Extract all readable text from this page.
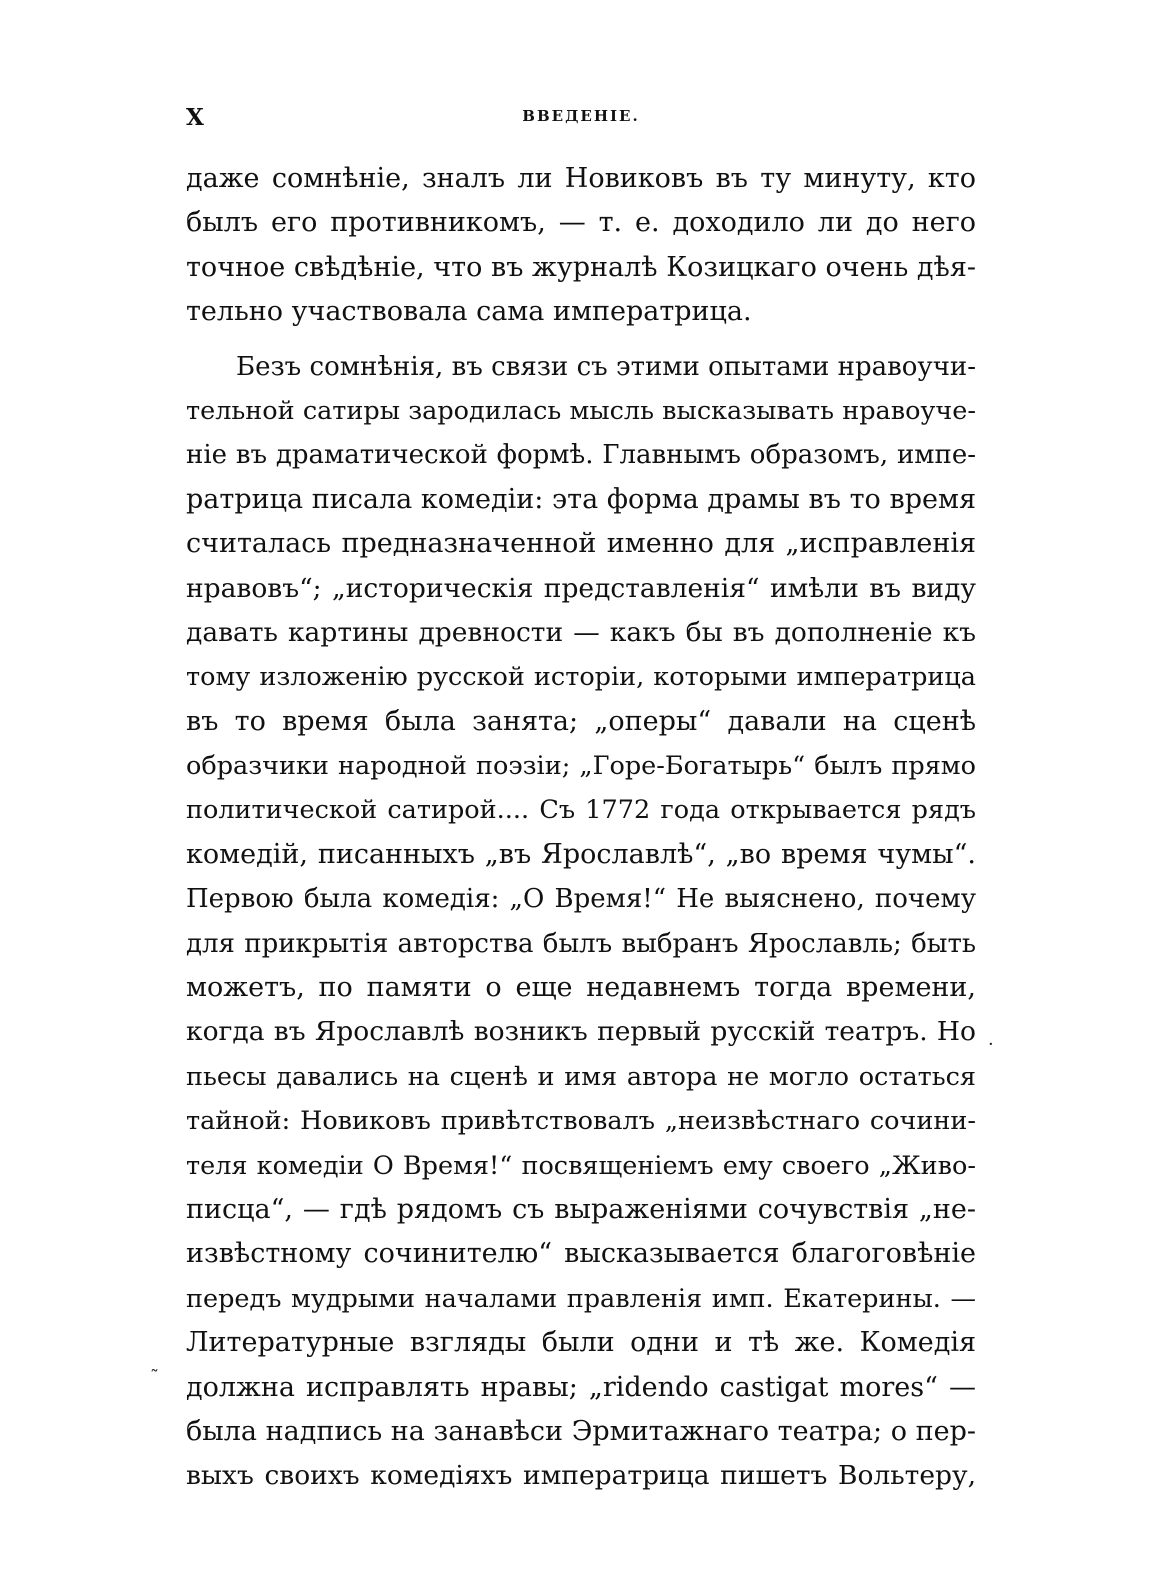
X	ВВЕДЕНІЕ.
даже сомнѣніе, зналъ ли Новиковъ въ ту минуту, кто
былъ его противникомъ, — т. е. доходило ли до него
точное свѣдѣніе, что въ журналѣ Козицкаго очень дѣя-
тельно участвовала сама императрица.
Безъ сомнѣнія, въ связи съ этими опытами нравоучи-
тельной сатиры зародилась мысль высказывать нравоуче-
ніе въ драматической формѣ. Главнымъ образомъ, импе-
ратрица писала комедіи: эта форма драмы въ то время
считалась предназначенной именно для „исправленія
нравовъ“; „историческія представленія“ имѣли въ виду
давать картины древности — какъ бы въ дополненіе къ
тому изложенію русской исторіи, которыми императрица
въ то время была занята; „оперы“ давали на сценѣ
образчики народной поэзіи; „Горе-Богатырь“ былъ прямо
политической сатирой.... Съ 1772 года открывается рядъ
комедій, писанныхъ „въ Ярославлѣ“, „во время чумы“.
Первою была комедія: „О Время!“ Не выяснено, почему
для прикрытія авторства былъ выбранъ Ярославль; быть
можетъ, по памяти о еще недавнемъ тогда времени,
когда въ Ярославлѣ возникъ первый русскій театръ. Но
пьесы давались на сценѣ и имя автора не могло остаться
тайной: Новиковъ привѣтствовалъ „неизвѣстнаго сочини-
теля комедіи О Время!“ посвященіемъ ему своего „Живо-
писца“, — гдѣ рядомъ съ выраженіями сочувствія „не-
извѣстному сочинителю“ высказывается благоговѣніе
передъ мудрыми началами правленія имп. Екатерины. —
Литературные взгляды были одни и тѣ же. Комедія
должна исправлять нравы; „ridendo castigat mores“ —
была надпись на занавѣси Эрмитажнаго театра; о пер-
выхъ своихъ комедіяхъ императрица пишетъ Вольтеру,
·
˷
